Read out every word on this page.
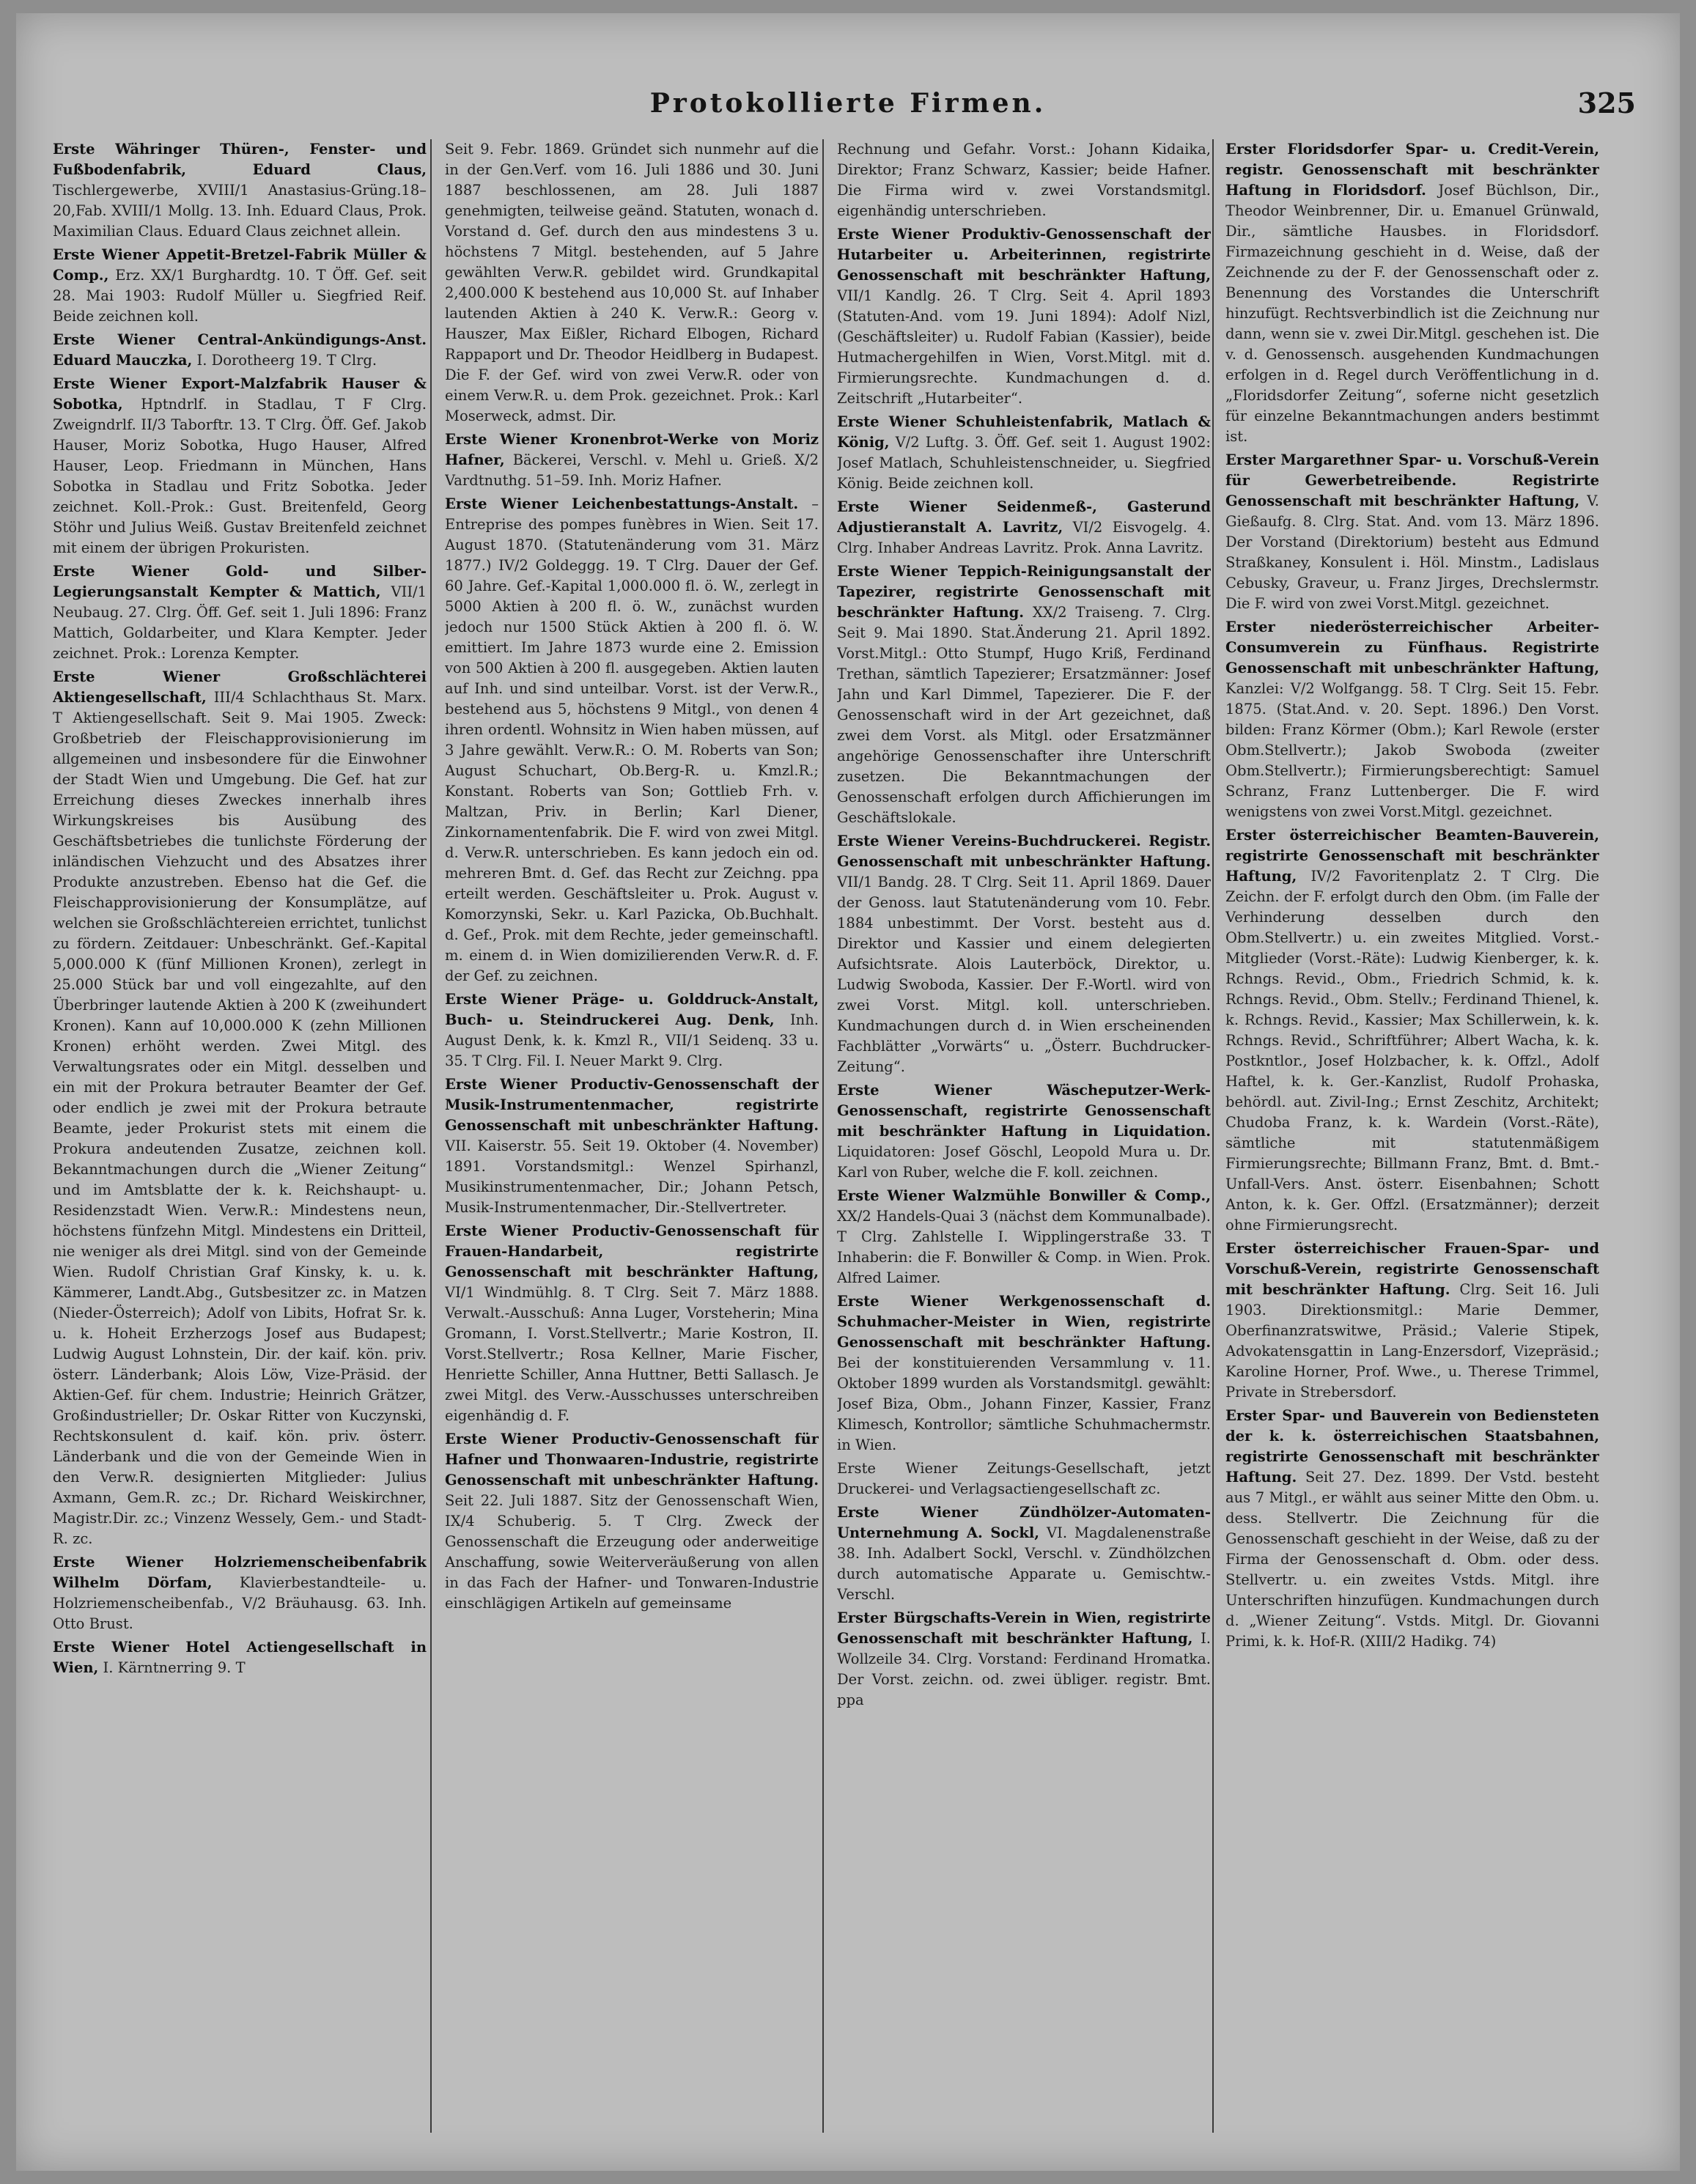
Protokollierte Firmen.	325

Erste Währinger Thüren-, Fenster- und Fußbodenfabrik, Eduard Claus, Tischlergewerbe, XVIII/1 Anastasius-Grüng.18–20,Fab. XVIII/1 Mollg. 13. Inh. Eduard Claus, Prok. Maximilian Claus. Eduard Claus zeichnet allein.

Erste Wiener Appetit-Bretzel-Fabrik Müller & Comp., Erz. XX/1 Burghardtg. 10. T Öff. Gef. seit 28. Mai 1903: Rudolf Müller u. Siegfried Reif. Beide zeichnen koll.

Erste Wiener Central-Ankündigungs-Anst. Eduard Mauczka, I. Dorotheerg 19. T Clrg.

Erste Wiener Export-Malzfabrik Hauser & Sobotka, Hptndrlf. in Stadlau, T F Clrg. Zweigndrlf. II/3 Taborftr. 13. T Clrg. Öff. Gef. Jakob Hauser, Moriz Sobotka, Hugo Hauser, Alfred Hauser, Leop. Friedmann in München, Hans Sobotka in Stadlau und Fritz Sobotka. Jeder zeichnet. Koll.-Prok.: Gust. Breitenfeld, Georg Stöhr und Julius Weiß. Gustav Breitenfeld zeichnet mit einem der übrigen Prokuristen.

Erste Wiener Gold- und Silber-Legierungsanstalt Kempter & Mattich, VII/1 Neubaug. 27. Clrg. Öff. Gef. seit 1. Juli 1896: Franz Mattich, Goldarbeiter, und Klara Kempter. Jeder zeichnet. Prok.: Lorenza Kempter.

Erste Wiener Großschlächterei Aktiengesellschaft, III/4 Schlachthaus St. Marx. T Aktiengesellschaft. Seit 9. Mai 1905. Zweck: Großbetrieb der Fleischapprovisionierung im allgemeinen und insbesondere für die Einwohner der Stadt Wien und Umgebung. Die Gef. hat zur Erreichung dieses Zweckes innerhalb ihres Wirkungskreises bis Ausübung des Geschäftsbetriebes die tunlichste Förderung der inländischen Viehzucht und des Absatzes ihrer Produkte anzustreben. Ebenso hat die Gef. die Fleischapprovisionierung der Konsumplätze, auf welchen sie Großschlächtereien errichtet, tunlichst zu fördern. Zeitdauer: Unbeschränkt. Gef.-Kapital 5,000.000 K (fünf Millionen Kronen), zerlegt in 25.000 Stück bar und voll eingezahlte, auf den Überbringer lautende Aktien à 200 K (zweihundert Kronen). Kann auf 10,000.000 K (zehn Millionen Kronen) erhöht werden. Zwei Mitgl. des Verwaltungsrates oder ein Mitgl. desselben und ein mit der Prokura betrauter Beamter der Gef. oder endlich je zwei mit der Prokura betraute Beamte, jeder Prokurist stets mit einem die Prokura andeutenden Zusatze, zeichnen koll. Bekanntmachungen durch die „Wiener Zeitung“ und im Amtsblatte der k. k. Reichshaupt- u. Residenzstadt Wien. Verw.R.: Mindestens neun, höchstens fünfzehn Mitgl. Mindestens ein Dritteil, nie weniger als drei Mitgl. sind von der Gemeinde Wien. Rudolf Christian Graf Kinsky, k. u. k. Kämmerer, Landt.Abg., Gutsbesitzer zc. in Matzen (Nieder-Österreich); Adolf von Libits, Hofrat Sr. k. u. k. Hoheit Erzherzogs Josef aus Budapest; Ludwig August Lohnstein, Dir. der kaif. kön. priv. österr. Länderbank; Alois Löw, Vize-Präsid. der Aktien-Gef. für chem. Industrie; Heinrich Grätzer, Großindustrieller; Dr. Oskar Ritter von Kuczynski, Rechtskonsulent d. kaif. kön. priv. österr. Länderbank und die von der Gemeinde Wien in den Verw.R. designierten Mitglieder: Julius Axmann, Gem.R. zc.; Dr. Richard Weiskirchner, Magistr.Dir. zc.; Vinzenz Wessely, Gem.- und Stadt-R. zc.

Erste Wiener Holzriemenscheibenfabrik Wilhelm Dörfam, Klavierbestandteile- u. Holzriemenscheibenfab., V/2 Bräuhausg. 63. Inh. Otto Brust.

Erste Wiener Hotel Actiengesellschaft in Wien, I. Kärntnerring 9. T

Seit 9. Febr. 1869. Gründet sich nunmehr auf die in der Gen.Verf. vom 16. Juli 1886 und 30. Juni 1887 beschlossenen, am 28. Juli 1887 genehmigten, teilweise geänd. Statuten, wonach d. Vorstand d. Gef. durch den aus mindestens 3 u. höchstens 7 Mitgl. bestehenden, auf 5 Jahre gewählten Verw.R. gebildet wird. Grundkapital 2,400.000 K bestehend aus 10,000 St. auf Inhaber lautenden Aktien à 240 K. Verw.R.: Georg v. Hauszer, Max Eißler, Richard Elbogen, Richard Rappaport und Dr. Theodor Heidlberg in Budapest. Die F. der Gef. wird von zwei Verw.R. oder von einem Verw.R. u. dem Prok. gezeichnet. Prok.: Karl Moserweck, admst. Dir.

Erste Wiener Kronenbrot-Werke von Moriz Hafner, Bäckerei, Verschl. v. Mehl u. Grieß. X/2 Vardtnuthg. 51–59. Inh. Moriz Hafner.

Erste Wiener Leichenbestattungs-Anstalt. – Entreprise des pompes funèbres in Wien. Seit 17. August 1870. (Statutenänderung vom 31. März 1877.) IV/2 Goldeggg. 19. T Clrg. Dauer der Gef. 60 Jahre. Gef.-Kapital 1,000.000 fl. ö. W., zerlegt in 5000 Aktien à 200 fl. ö. W., zunächst wurden jedoch nur 1500 Stück Aktien à 200 fl. ö. W. emittiert. Im Jahre 1873 wurde eine 2. Emission von 500 Aktien à 200 fl. ausgegeben. Aktien lauten auf Inh. und sind unteilbar. Vorst. ist der Verw.R., bestehend aus 5, höchstens 9 Mitgl., von denen 4 ihren ordentl. Wohnsitz in Wien haben müssen, auf 3 Jahre gewählt. Verw.R.: O. M. Roberts van Son; August Schuchart, Ob.Berg-R. u. Kmzl.R.; Konstant. Roberts van Son; Gottlieb Frh. v. Maltzan, Priv. in Berlin; Karl Diener, Zinkornamentenfabrik. Die F. wird von zwei Mitgl. d. Verw.R. unterschrieben. Es kann jedoch ein od. mehreren Bmt. d. Gef. das Recht zur Zeichng. ppa erteilt werden. Geschäftsleiter u. Prok. August v. Komorzynski, Sekr. u. Karl Pazicka, Ob.Buchhalt. d. Gef., Prok. mit dem Rechte, jeder gemeinschaftl. m. einem d. in Wien domizilierenden Verw.R. d. F. der Gef. zu zeichnen.

Erste Wiener Präge- u. Golddruck-Anstalt, Buch- u. Steindruckerei Aug. Denk, Inh. August Denk, k. k. Kmzl R., VII/1 Seidenq. 33 u. 35. T Clrg. Fil. I. Neuer Markt 9. Clrg.

Erste Wiener Productiv-Genossenschaft der Musik-Instrumentenmacher, registrirte Genossenschaft mit unbeschränkter Haftung. VII. Kaiserstr. 55. Seit 19. Oktober (4. November) 1891. Vorstandsmitgl.: Wenzel Spirhanzl, Musikinstrumentenmacher, Dir.; Johann Petsch, Musik-Instrumentenmacher, Dir.-Stellvertreter.

Erste Wiener Productiv-Genossenschaft für Frauen-Handarbeit, registrirte Genossenschaft mit beschränkter Haftung, VI/1 Windmühlg. 8. T Clrg. Seit 7. März 1888. Verwalt.-Ausschuß: Anna Luger, Vorsteherin; Mina Gromann, I. Vorst.Stellvertr.; Marie Kostron, II. Vorst.Stellvertr.; Rosa Kellner, Marie Fischer, Henriette Schiller, Anna Huttner, Betti Sallasch. Je zwei Mitgl. des Verw.-Ausschusses unterschreiben eigenhändig d. F.

Erste Wiener Productiv-Genossenschaft für Hafner und Thonwaaren-Industrie, registrirte Genossenschaft mit unbeschränkter Haftung. Seit 22. Juli 1887. Sitz der Genossenschaft Wien, IX/4 Schuberig. 5. T Clrg. Zweck der Genossenschaft die Erzeugung oder anderweitige Anschaffung, sowie Weiterveräußerung von allen in das Fach der Hafner- und Tonwaren-Industrie einschlägigen Artikeln auf gemeinsame

Rechnung und Gefahr. Vorst.: Johann Kidaika, Direktor; Franz Schwarz, Kassier; beide Hafner. Die Firma wird v. zwei Vorstandsmitgl. eigenhändig unterschrieben.

Erste Wiener Produktiv-Genossenschaft der Hutarbeiter u. Arbeiterinnen, registrirte Genossenschaft mit beschränkter Haftung, VII/1 Kandlg. 26. T Clrg. Seit 4. April 1893 (Statuten-And. vom 19. Juni 1894): Adolf Nizl, (Geschäftsleiter) u. Rudolf Fabian (Kassier), beide Hutmachergehilfen in Wien, Vorst.Mitgl. mit d. Firmierungsrechte. Kundmachungen d. d. Zeitschrift „Hutarbeiter“.

Erste Wiener Schuhleistenfabrik, Matlach & König, V/2 Luftg. 3. Öff. Gef. seit 1. August 1902: Josef Matlach, Schuhleistenschneider, u. Siegfried König. Beide zeichnen koll.

Erste Wiener Seidenmeß-, Gasterund Adjustieranstalt A. Lavritz, VI/2 Eisvogelg. 4. Clrg. Inhaber Andreas Lavritz. Prok. Anna Lavritz.

Erste Wiener Teppich-Reinigungsanstalt der Tapezirer, registrirte Genossenschaft mit beschränkter Haftung. XX/2 Traiseng. 7. Clrg. Seit 9. Mai 1890. Stat.Änderung 21. April 1892. Vorst.Mitgl.: Otto Stumpf, Hugo Kriß, Ferdinand Trethan, sämtlich Tapezierer; Ersatzmänner: Josef Jahn und Karl Dimmel, Tapezierer. Die F. der Genossenschaft wird in der Art gezeichnet, daß zwei dem Vorst. als Mitgl. oder Ersatzmänner angehörige Genossenschafter ihre Unterschrift zusetzen. Die Bekanntmachungen der Genossenschaft erfolgen durch Affichierungen im Geschäftslokale.

Erste Wiener Vereins-Buchdruckerei. Registr. Genossenschaft mit unbeschränkter Haftung. VII/1 Bandg. 28. T Clrg. Seit 11. April 1869. Dauer der Genoss. laut Statutenänderung vom 10. Febr. 1884 unbestimmt. Der Vorst. besteht aus d. Direktor und Kassier und einem delegierten Aufsichtsrate. Alois Lauterböck, Direktor, u. Ludwig Swoboda, Kassier. Der F.-Wortl. wird von zwei Vorst. Mitgl. koll. unterschrieben. Kundmachungen durch d. in Wien erscheinenden Fachblätter „Vorwärts“ u. „Österr. Buchdrucker-Zeitung“.

Erste Wiener Wäscheputzer-Werk-Genossenschaft, registrirte Genossenschaft mit beschränkter Haftung in Liquidation. Liquidatoren: Josef Göschl, Leopold Mura u. Dr. Karl von Ruber, welche die F. koll. zeichnen.

Erste Wiener Walzmühle Bonwiller & Comp., XX/2 Handels-Quai 3 (nächst dem Kommunalbade). T Clrg. Zahlstelle I. Wipplingerstraße 33. T Inhaberin: die F. Bonwiller & Comp. in Wien. Prok. Alfred Laimer.

Erste Wiener Werkgenossenschaft d. Schuhmacher-Meister in Wien, registrirte Genossenschaft mit beschränkter Haftung. Bei der konstituierenden Versammlung v. 11. Oktober 1899 wurden als Vorstandsmitgl. gewählt: Josef Biza, Obm., Johann Finzer, Kassier, Franz Klimesch, Kontrollor; sämtliche Schuhmachermstr. in Wien.

Erste Wiener Zeitungs-Gesellschaft, jetzt Druckerei- und Verlagsactiengesellschaft zc.

Erste Wiener Zündhölzer-Automaten-Unternehmung A. Sockl, VI. Magdalenenstraße 38. Inh. Adalbert Sockl, Verschl. v. Zündhölzchen durch automatische Apparate u. Gemischtw.-Verschl.

Erster Bürgschafts-Verein in Wien, registrirte Genossenschaft mit beschränkter Haftung, I. Wollzeile 34. Clrg. Vorstand: Ferdinand Hromatka. Der Vorst. zeichn. od. zwei übliger. registr. Bmt. ppa

Erster Floridsdorfer Spar- u. Credit-Verein, registr. Genossenschaft mit beschränkter Haftung in Floridsdorf. Josef Büchlson, Dir., Theodor Weinbrenner, Dir. u. Emanuel Grünwald, Dir., sämtliche Hausbes. in Floridsdorf. Firmazeichnung geschieht in d. Weise, daß der Zeichnende zu der F. der Genossenschaft oder z. Benennung des Vorstandes die Unterschrift hinzufügt. Rechtsverbindlich ist die Zeichnung nur dann, wenn sie v. zwei Dir.Mitgl. geschehen ist. Die v. d. Genossensch. ausgehenden Kundmachungen erfolgen in d. Regel durch Veröffentlichung in d. „Floridsdorfer Zeitung“, soferne nicht gesetzlich für einzelne Bekanntmachungen anders bestimmt ist.

Erster Margarethner Spar- u. Vorschuß-Verein für Gewerbetreibende. Registrirte Genossenschaft mit beschränkter Haftung, V. Gießaufg. 8. Clrg. Stat. And. vom 13. März 1896. Der Vorstand (Direktorium) besteht aus Edmund Straßkaney, Konsulent i. Höl. Minstm., Ladislaus Cebusky, Graveur, u. Franz Jirges, Drechslermstr. Die F. wird von zwei Vorst.Mitgl. gezeichnet.

Erster niederösterreichischer Arbeiter-Consumverein zu Fünfhaus. Registrirte Genossenschaft mit unbeschränkter Haftung, Kanzlei: V/2 Wolfgangg. 58. T Clrg. Seit 15. Febr. 1875. (Stat.And. v. 20. Sept. 1896.) Den Vorst. bilden: Franz Körmer (Obm.); Karl Rewole (erster Obm.Stellvertr.); Jakob Swoboda (zweiter Obm.Stellvertr.); Firmierungsberechtigt: Samuel Schranz, Franz Luttenberger. Die F. wird wenigstens von zwei Vorst.Mitgl. gezeichnet.

Erster österreichischer Beamten-Bauverein, registrirte Genossenschaft mit beschränkter Haftung, IV/2 Favoritenplatz 2. T Clrg. Die Zeichn. der F. erfolgt durch den Obm. (im Falle der Verhinderung desselben durch den Obm.Stellvertr.) u. ein zweites Mitglied. Vorst.-Mitglieder (Vorst.-Räte): Ludwig Kienberger, k. k. Rchngs. Revid., Obm., Friedrich Schmid, k. k. Rchngs. Revid., Obm. Stellv.; Ferdinand Thienel, k. k. Rchngs. Revid., Kassier; Max Schillerwein, k. k. Rchngs. Revid., Schriftführer; Albert Wacha, k. k. Postkntlor., Josef Holzbacher, k. k. Offzl., Adolf Haftel, k. k. Ger.-Kanzlist, Rudolf Prohaska, behördl. aut. Zivil-Ing.; Ernst Zeschitz, Architekt; Chudoba Franz, k. k. Wardein (Vorst.-Räte), sämtliche mit statutenmäßigem Firmierungsrechte; Billmann Franz, Bmt. d. Bmt.-Unfall-Vers. Anst. österr. Eisenbahnen; Schott Anton, k. k. Ger. Offzl. (Ersatzmänner); derzeit ohne Firmierungsrecht.

Erster österreichischer Frauen-Spar- und Vorschuß-Verein, registrirte Genossenschaft mit beschränkter Haftung. Clrg. Seit 16. Juli 1903. Direktionsmitgl.: Marie Demmer, Oberfinanzratswitwe, Präsid.; Valerie Stipek, Advokatensgattin in Lang-Enzersdorf, Vizepräsid.; Karoline Horner, Prof. Wwe., u. Therese Trimmel, Private in Strebersdorf.

Erster Spar- und Bauverein von Bediensteten der k. k. österreichischen Staatsbahnen, registrirte Genossenschaft mit beschränkter Haftung. Seit 27. Dez. 1899. Der Vstd. besteht aus 7 Mitgl., er wählt aus seiner Mitte den Obm. u. dess. Stellvertr. Die Zeichnung für die Genossenschaft geschieht in der Weise, daß zu der Firma der Genossenschaft d. Obm. oder dess. Stellvertr. u. ein zweites Vstds. Mitgl. ihre Unterschriften hinzufügen. Kundmachungen durch d. „Wiener Zeitung“. Vstds. Mitgl. Dr. Giovanni Primi, k. k. Hof-R. (XIII/2 Hadikg. 74)
